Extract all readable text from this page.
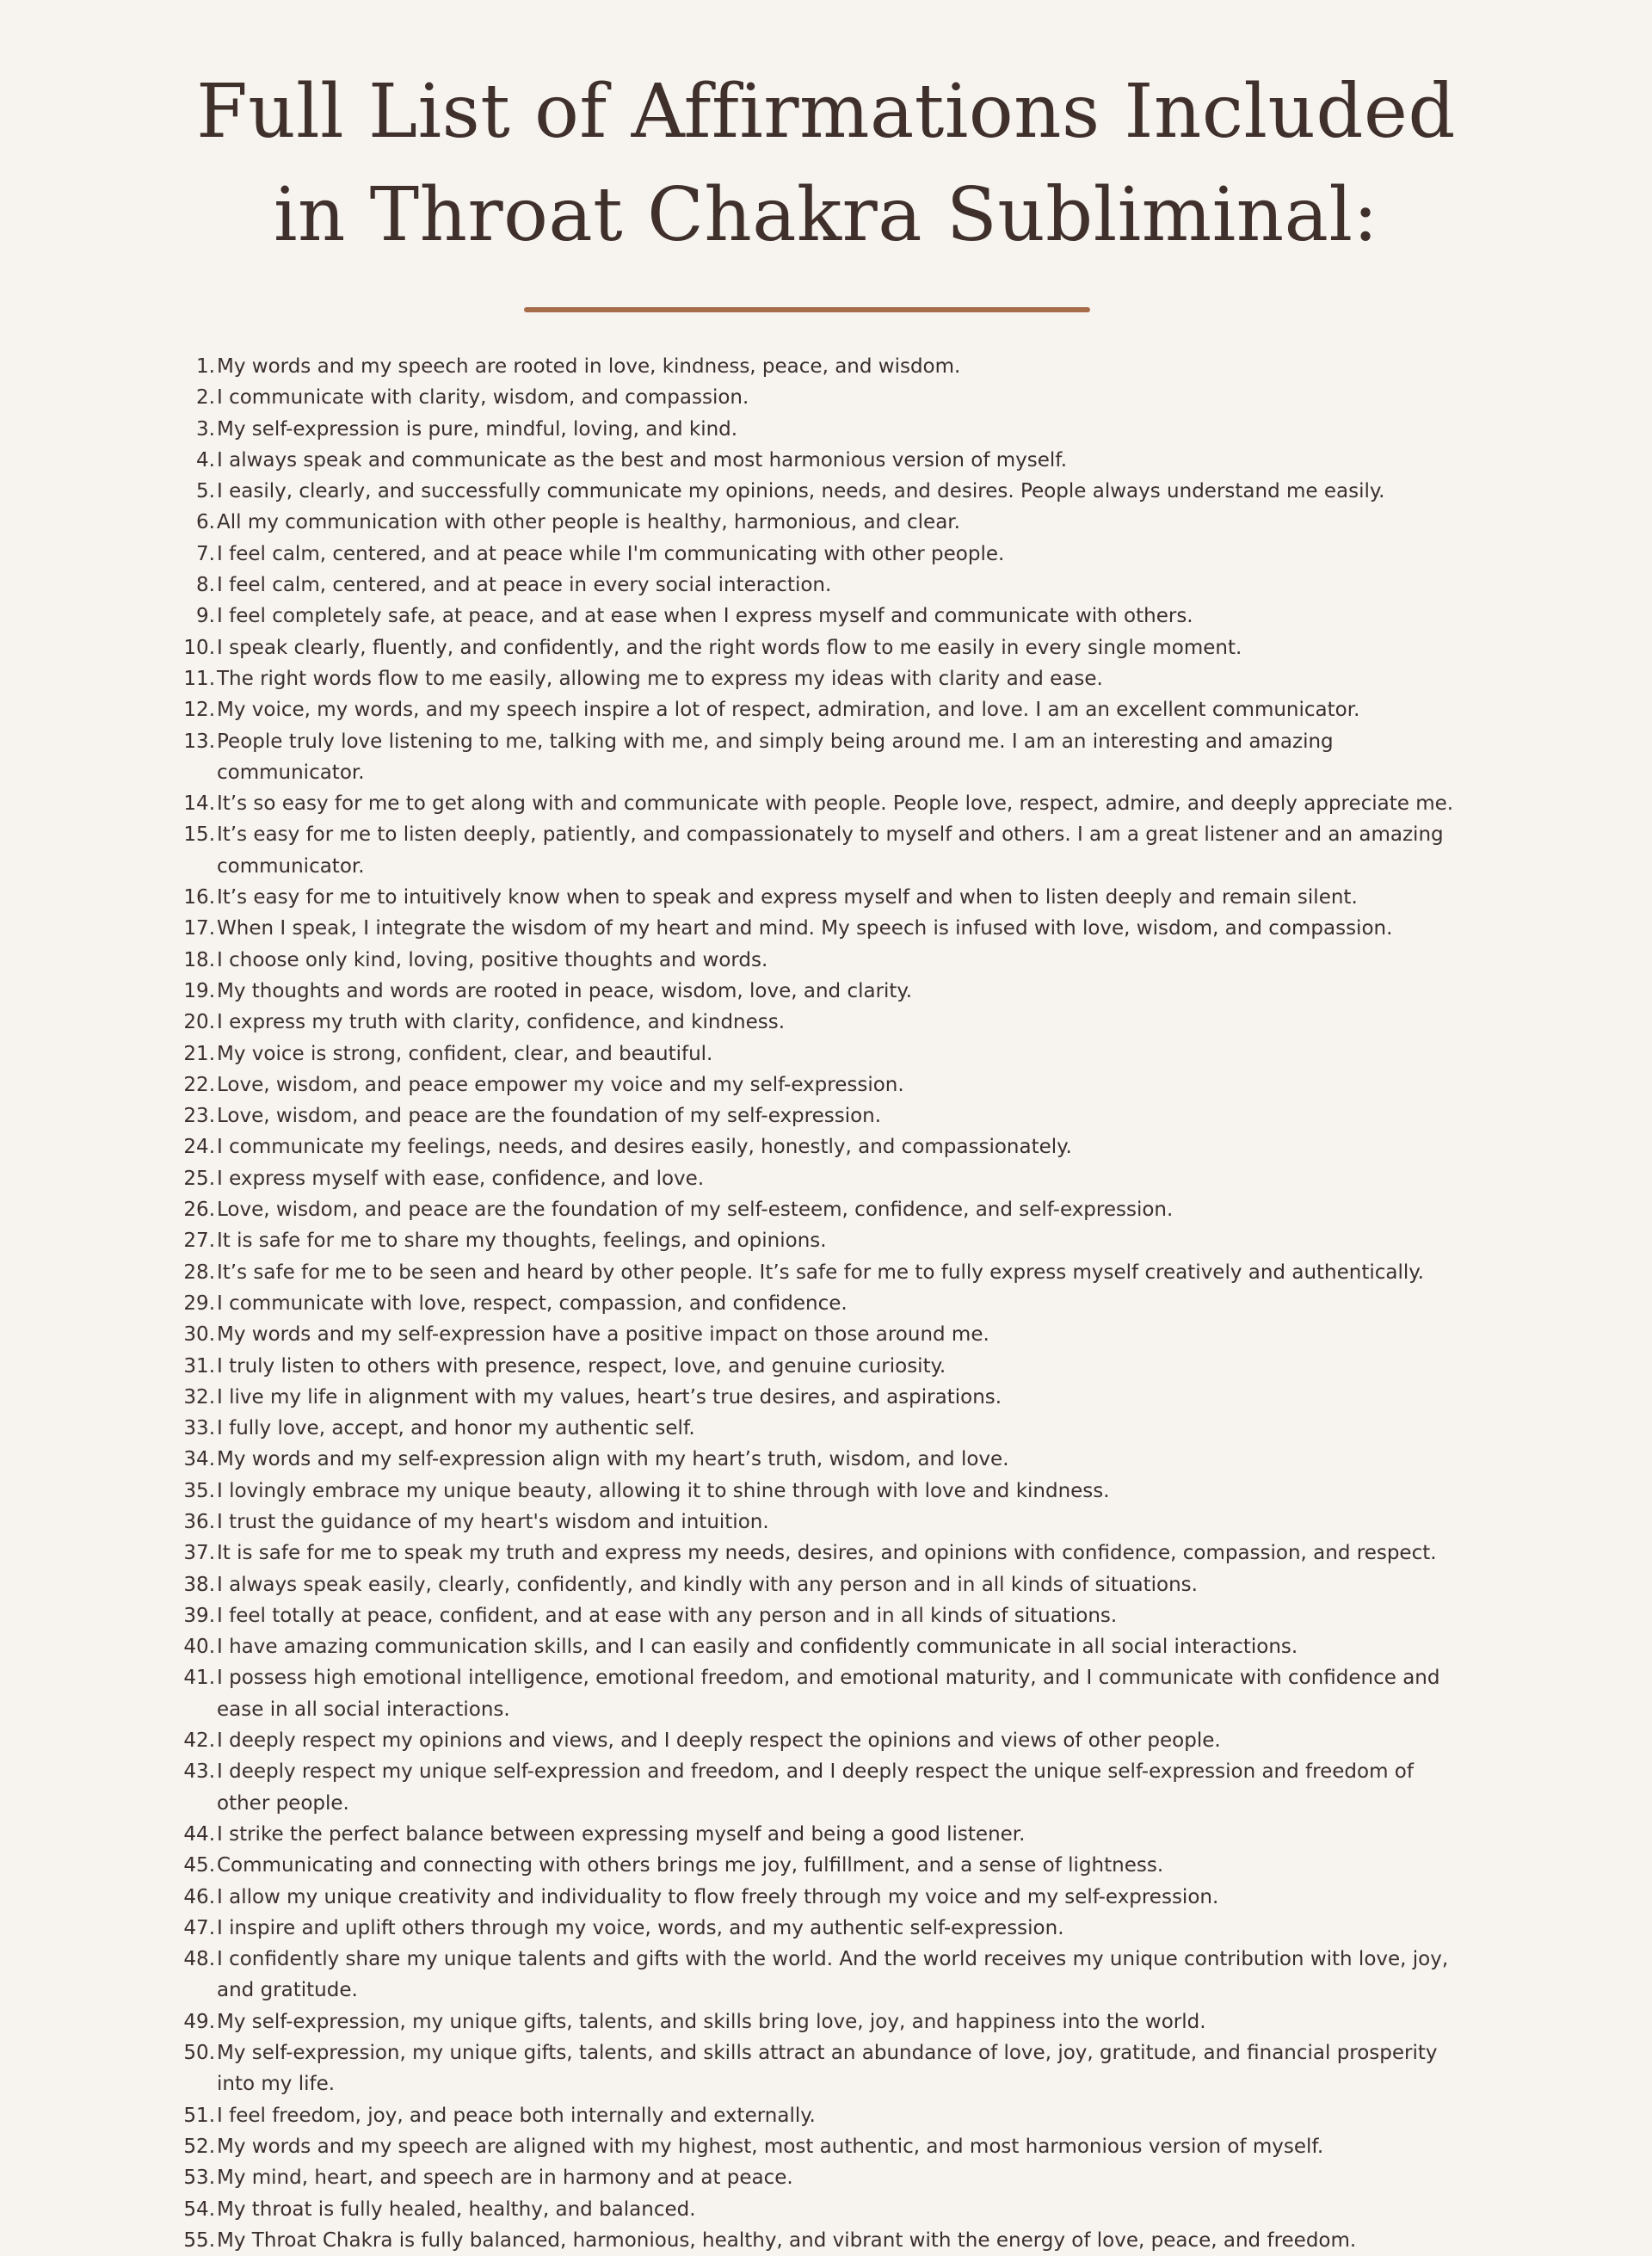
Full List of Affirmations Included
in Throat Chakra Subliminal:
1. My words and my speech are rooted in love, kindness, peace, and wisdom.
2. I communicate with clarity, wisdom, and compassion.
3. My self-expression is pure, mindful, loving, and kind.
4. I always speak and communicate as the best and most harmonious version of myself.
5. I easily, clearly, and successfully communicate my opinions, needs, and desires. People always understand me easily.
6. All my communication with other people is healthy, harmonious, and clear.
7. I feel calm, centered, and at peace while I'm communicating with other people.
8. I feel calm, centered, and at peace in every social interaction.
9. I feel completely safe, at peace, and at ease when I express myself and communicate with others.
10. I speak clearly, fluently, and confidently, and the right words flow to me easily in every single moment.
11. The right words flow to me easily, allowing me to express my ideas with clarity and ease.
12. My voice, my words, and my speech inspire a lot of respect, admiration, and love. I am an excellent communicator.
13. People truly love listening to me, talking with me, and simply being around me. I am an interesting and amazing communicator.
14. It’s so easy for me to get along with and communicate with people. People love, respect, admire, and deeply appreciate me.
15. It’s easy for me to listen deeply, patiently, and compassionately to myself and others. I am a great listener and an amazing communicator.
16. It’s easy for me to intuitively know when to speak and express myself and when to listen deeply and remain silent.
17. When I speak, I integrate the wisdom of my heart and mind. My speech is infused with love, wisdom, and compassion.
18. I choose only kind, loving, positive thoughts and words.
19. My thoughts and words are rooted in peace, wisdom, love, and clarity.
20. I express my truth with clarity, confidence, and kindness.
21. My voice is strong, confident, clear, and beautiful.
22. Love, wisdom, and peace empower my voice and my self-expression.
23. Love, wisdom, and peace are the foundation of my self-expression.
24. I communicate my feelings, needs, and desires easily, honestly, and compassionately.
25. I express myself with ease, confidence, and love.
26. Love, wisdom, and peace are the foundation of my self-esteem, confidence, and self-expression.
27. It is safe for me to share my thoughts, feelings, and opinions.
28. It’s safe for me to be seen and heard by other people. It’s safe for me to fully express myself creatively and authentically.
29. I communicate with love, respect, compassion, and confidence.
30. My words and my self-expression have a positive impact on those around me.
31. I truly listen to others with presence, respect, love, and genuine curiosity.
32. I live my life in alignment with my values, heart’s true desires, and aspirations.
33. I fully love, accept, and honor my authentic self.
34. My words and my self-expression align with my heart’s truth, wisdom, and love.
35. I lovingly embrace my unique beauty, allowing it to shine through with love and kindness.
36. I trust the guidance of my heart's wisdom and intuition.
37. It is safe for me to speak my truth and express my needs, desires, and opinions with confidence, compassion, and respect.
38. I always speak easily, clearly, confidently, and kindly with any person and in all kinds of situations.
39. I feel totally at peace, confident, and at ease with any person and in all kinds of situations.
40. I have amazing communication skills, and I can easily and confidently communicate in all social interactions.
41. I possess high emotional intelligence, emotional freedom, and emotional maturity, and I communicate with confidence and ease in all social interactions.
42. I deeply respect my opinions and views, and I deeply respect the opinions and views of other people.
43. I deeply respect my unique self-expression and freedom, and I deeply respect the unique self-expression and freedom of other people.
44. I strike the perfect balance between expressing myself and being a good listener.
45. Communicating and connecting with others brings me joy, fulfillment, and a sense of lightness.
46. I allow my unique creativity and individuality to flow freely through my voice and my self-expression.
47. I inspire and uplift others through my voice, words, and my authentic self-expression.
48. I confidently share my unique talents and gifts with the world. And the world receives my unique contribution with love, joy, and gratitude.
49. My self-expression, my unique gifts, talents, and skills bring love, joy, and happiness into the world.
50. My self-expression, my unique gifts, talents, and skills attract an abundance of love, joy, gratitude, and financial prosperity into my life.
51. I feel freedom, joy, and peace both internally and externally.
52. My words and my speech are aligned with my highest, most authentic, and most harmonious version of myself.
53. My mind, heart, and speech are in harmony and at peace.
54. My throat is fully healed, healthy, and balanced.
55. My Throat Chakra is fully balanced, harmonious, healthy, and vibrant with the energy of love, peace, and freedom.
